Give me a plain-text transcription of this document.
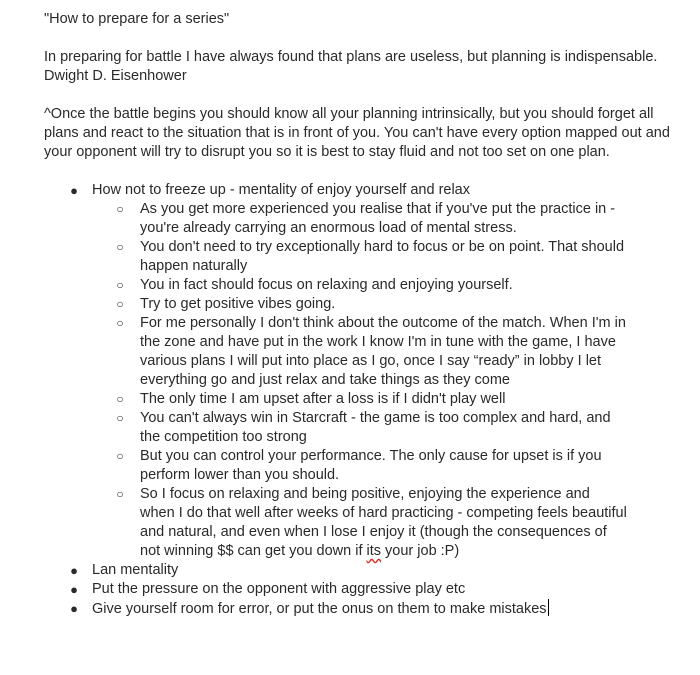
"How to prepare for a series"

In preparing for battle I have always found that plans are useless, but planning is indispensable.

Dwight D. Eisenhower

^Once the battle begins you should know all your planning intrinsically, but you should forget all plans and react to the situation that is in front of you. You can't have every option mapped out and your opponent will try to disrupt you so it is best to stay fluid and not too set on one plan.

● How not to freeze up - mentality of enjoy yourself and relax
○ As you get more experienced you realise that if you've put the practice in - you're already carrying an enormous load of mental stress.
○ You don't need to try exceptionally hard to focus or be on point. That should happen naturally
○ You in fact should focus on relaxing and enjoying yourself.
○ Try to get positive vibes going.
○ For me personally I don't think about the outcome of the match. When I'm in the zone and have put in the work I know I'm in tune with the game, I have various plans I will put into place as I go, once I say “ready” in lobby I let everything go and just relax and take things as they come
○ The only time I am upset after a loss is if I didn't play well
○ You can't always win in Starcraft - the game is too complex and hard, and the competition too strong
○ But you can control your performance. The only cause for upset is if you perform lower than you should.
○ So I focus on relaxing and being positive, enjoying the experience and when I do that well after weeks of hard practicing - competing feels beautiful and natural, and even when I lose I enjoy it (though the consequences of not winning $$ can get you down if its your job :P)
● Lan mentality
● Put the pressure on the opponent with aggressive play etc
● Give yourself room for error, or put the onus on them to make mistakes
